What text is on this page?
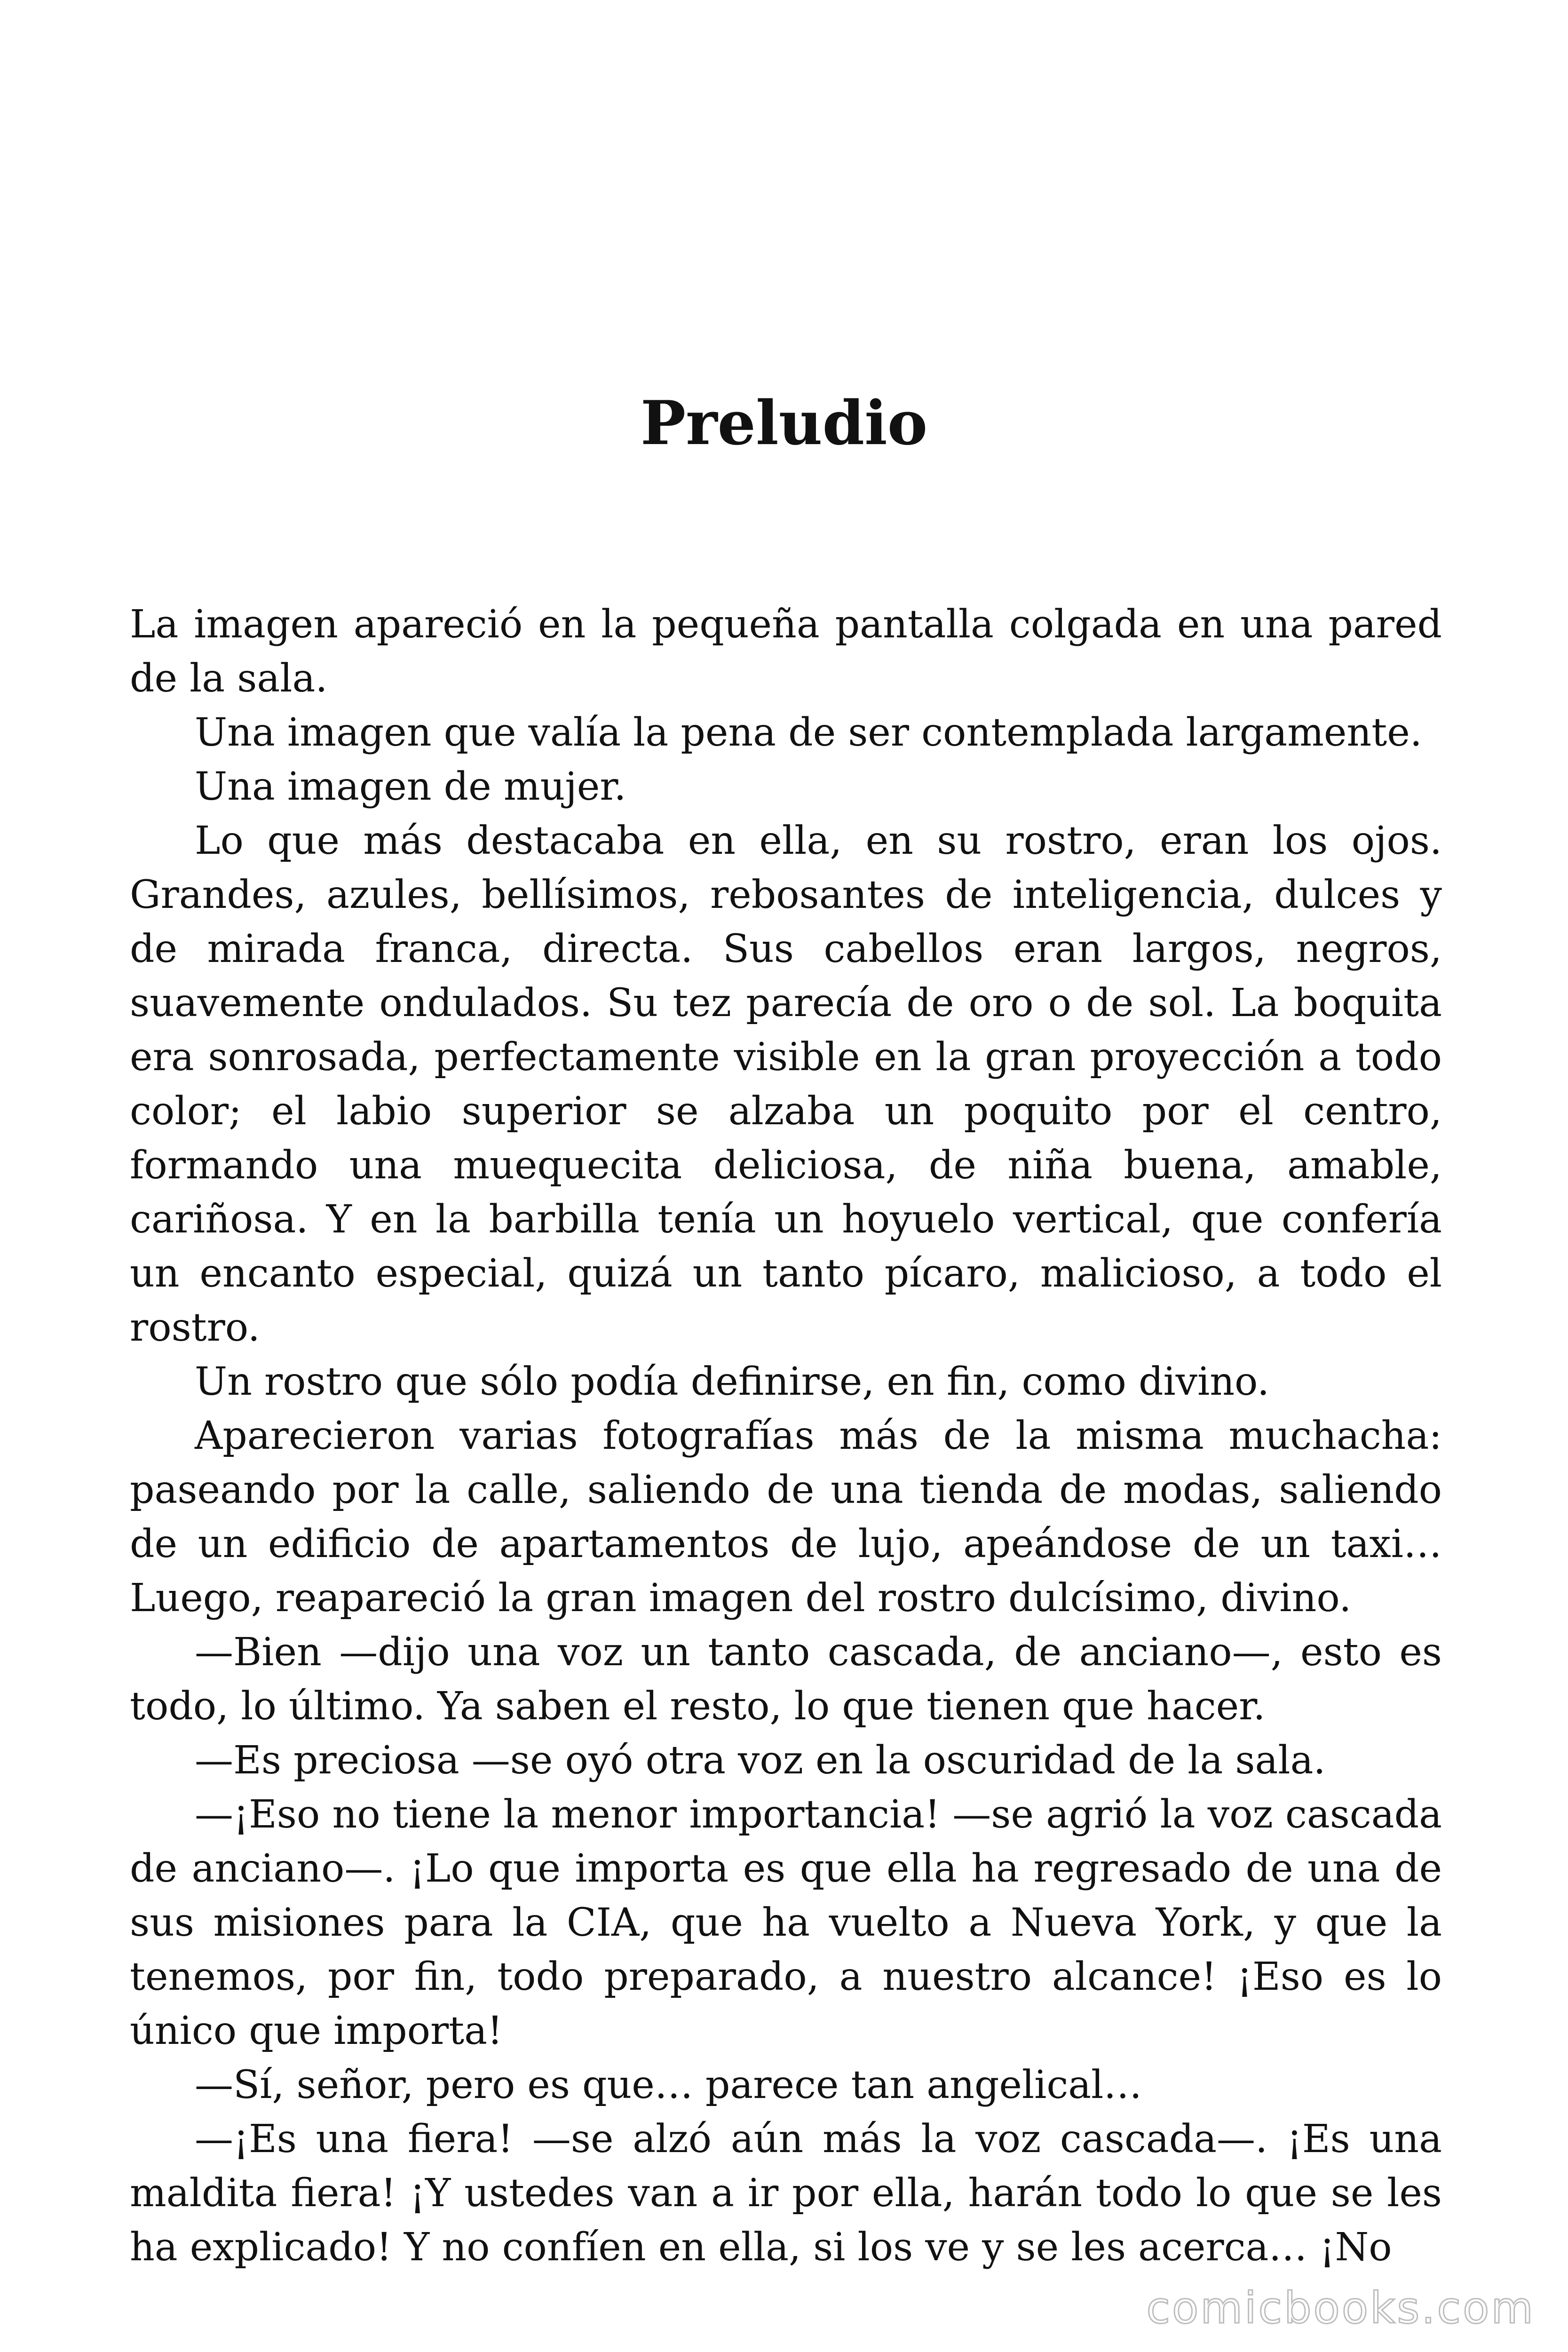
Preludio

La imagen apareció en la pequeña pantalla colgada en una pared de la sala.

Una imagen que valía la pena de ser contemplada largamente.

Una imagen de mujer.

Lo que más destacaba en ella, en su rostro, eran los ojos. Grandes, azules, bellísimos, rebosantes de inteligencia, dulces y de mirada franca, directa. Sus cabellos eran largos, negros, suavemente ondulados. Su tez parecía de oro o de sol. La boquita era sonrosada, perfectamente visible en la gran proyección a todo color; el labio superior se alzaba un poquito por el centro, formando una muequecita deliciosa, de niña buena, amable, cariñosa. Y en la barbilla tenía un hoyuelo vertical, que confería un encanto especial, quizá un tanto pícaro, malicioso, a todo el rostro.

Un rostro que sólo podía definirse, en fin, como divino.

Aparecieron varias fotografías más de la misma muchacha: paseando por la calle, saliendo de una tienda de modas, saliendo de un edificio de apartamentos de lujo, apeándose de un taxi… Luego, reapareció la gran imagen del rostro dulcísimo, divino.

—Bien —dijo una voz un tanto cascada, de anciano—, esto es todo, lo último. Ya saben el resto, lo que tienen que hacer.

—Es preciosa —se oyó otra voz en la oscuridad de la sala.

—¡Eso no tiene la menor importancia! —se agrió la voz cascada de anciano—. ¡Lo que importa es que ella ha regresado de una de sus misiones para la CIA, que ha vuelto a Nueva York, y que la tenemos, por fin, todo preparado, a nuestro alcance! ¡Eso es lo único que importa!

—Sí, señor, pero es que… parece tan angelical…

—¡Es una fiera! —se alzó aún más la voz cascada—. ¡Es una maldita fiera! ¡Y ustedes van a ir por ella, harán todo lo que se les ha explicado! Y no confíen en ella, si los ve y se les acerca… ¡No

comicbooks.com
